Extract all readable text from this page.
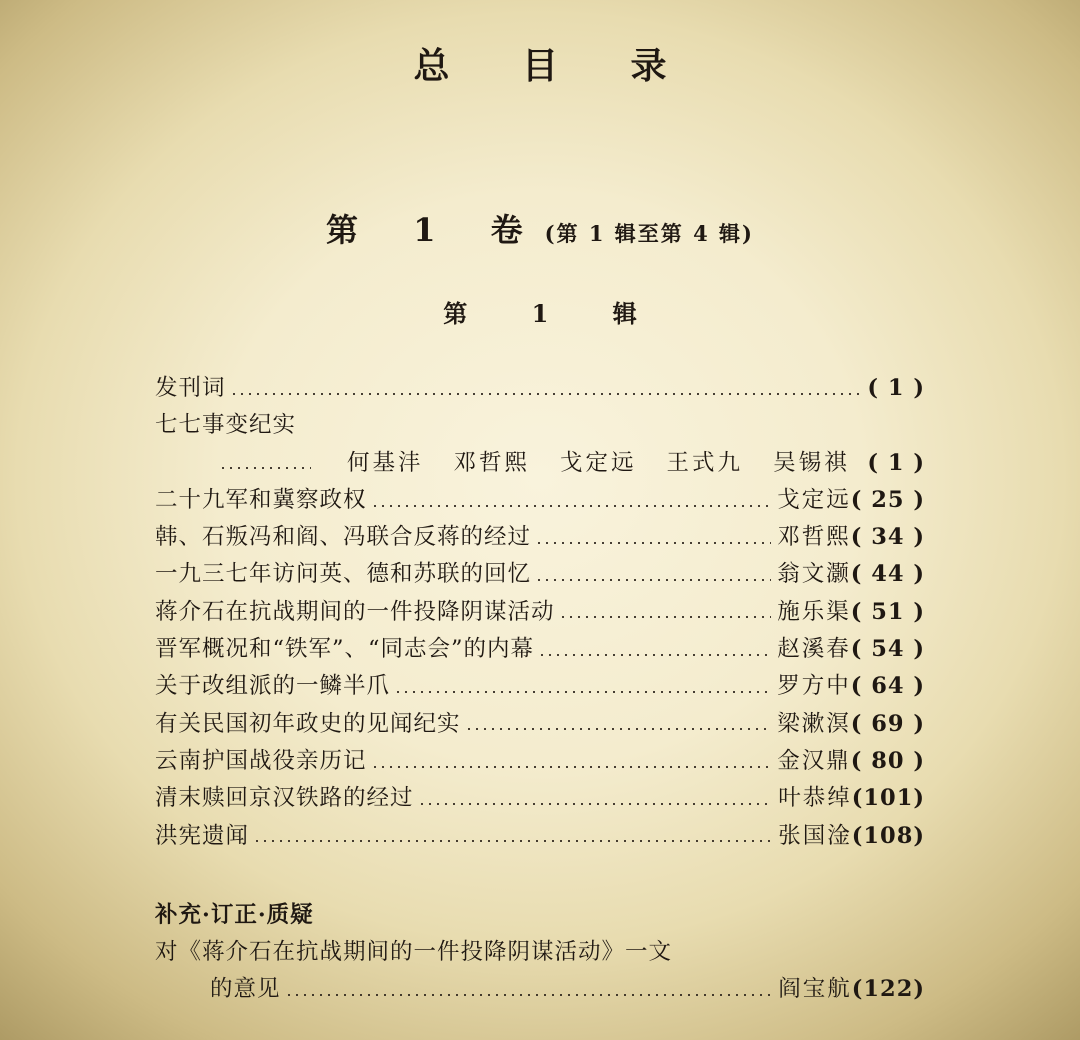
总 目 录
第 1 卷(第 1 辑至第 4 辑)
第 1 辑
发刊词	( 1 )
七七事变纪实
何基沣 邓哲熙 戈定远 王式九 吴锡祺 ( 1 )
二十九军和冀察政权	戈定远 ( 25 )
韩、石叛冯和阎、冯联合反蒋的经过	邓哲熙 ( 34 )
一九三七年访问英、德和苏联的回忆	翁文灏 ( 44 )
蒋介石在抗战期间的一件投降阴谋活动	施乐渠 ( 51 )
晋军概况和“铁军”、“同志会”的内幕	赵溪春 ( 54 )
关于改组派的一鳞半爪	罗方中 ( 64 )
有关民国初年政史的见闻纪实	梁漱溟 ( 69 )
云南护国战役亲历记	金汉鼎 ( 80 )
清末赎回京汉铁路的经过	叶恭绰 (101)
洪宪遗闻	张国淦 (108)
补充·订正·质疑
对《蒋介石在抗战期间的一件投降阴谋活动》一文
的意见	阎宝航 (122)
